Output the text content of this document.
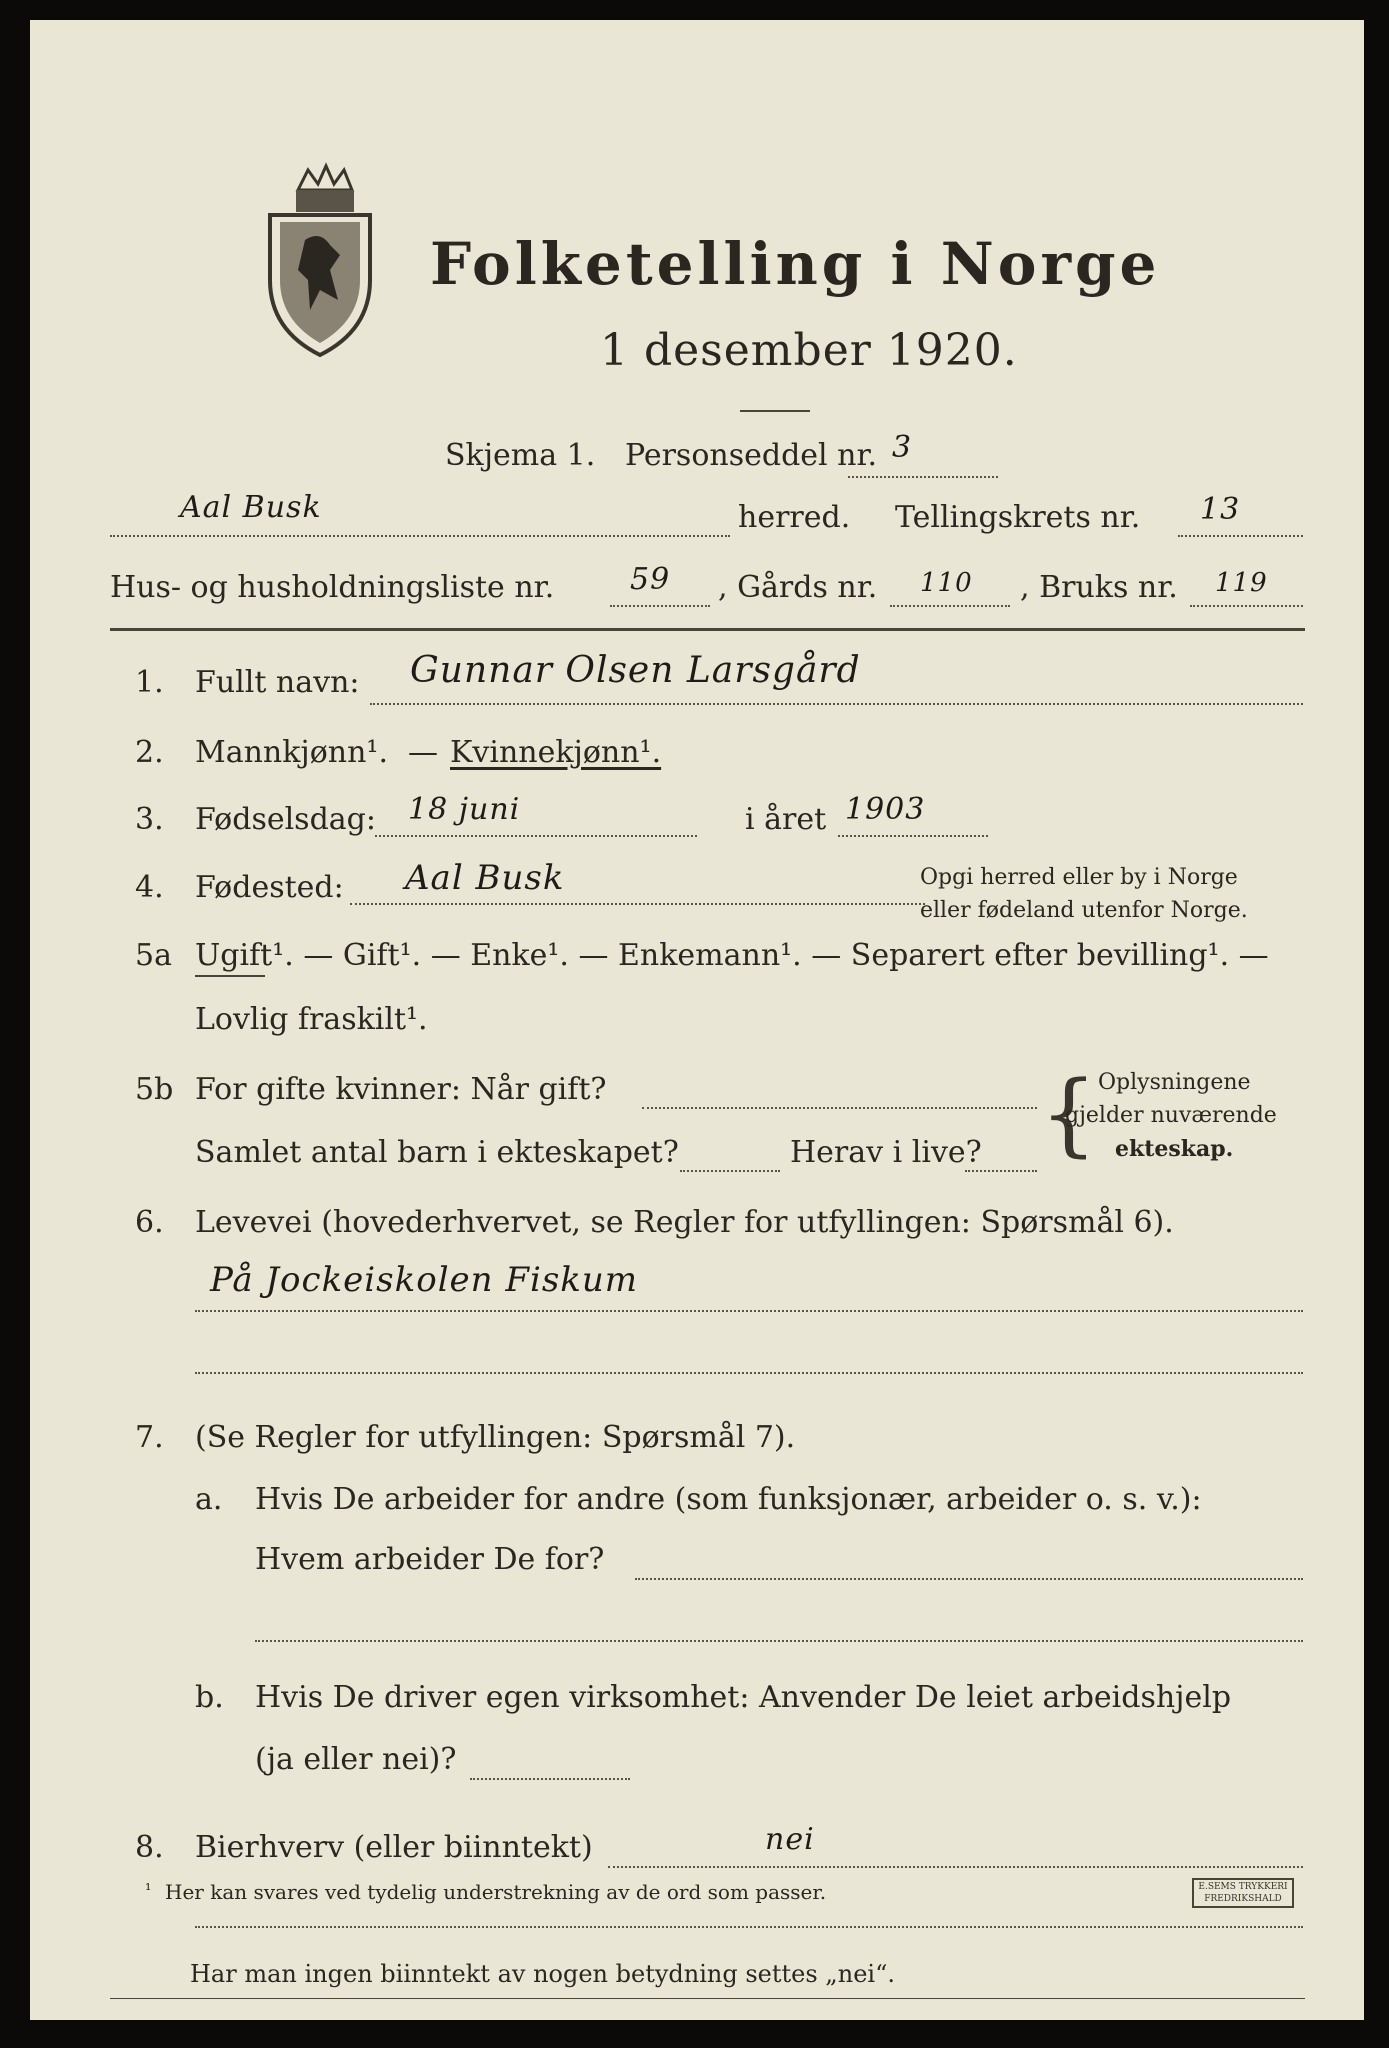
Folketelling i Norge
1 desember 1920.
Skjema 1. Personseddel nr. 3
Aal Busk	herred. Tellingskrets nr. 13
Hus- og husholdningsliste nr.	59 , Gårds nr. 110 , Bruks nr. 119
1. Fullt navn: Gunnar Olsen Larsgård
2. Mannkjønn¹. — Kvinnekjønn¹.
3. Fødselsdag: 18 juni	i året 1903
4. Fødested: Aal Busk	Opgi herred eller by i Norge
eller fødeland utenfor Norge.
5a Ugift¹. — Gift¹. — Enke¹. — Enkemann¹. — Separert efter bevilling¹. —
Lovlig fraskilt¹.
5b For gifte kvinner: Når gift?
Samlet antal barn i ekteskapet?	Herav i live? { Oplysningene
gjelder nuværende
ekteskap.
6. Levevei (hovederhvervet, se Regler for utfyllingen: Spørsmål 6).
På Jockeiskolen Fiskum
7. (Se Regler for utfyllingen: Spørsmål 7).
a. Hvis De arbeider for andre (som funksjonær, arbeider o. s. v.):
Hvem arbeider De for?
b. Hvis De driver egen virksomhet: Anvender De leiet arbeidshjelp
(ja eller nei)?
8. Bierhverv (eller biinntekt)	nei
Har man ingen biinntekt av nogen betydning settes „nei“.
¹ Her kan svares ved tydelig understrekning av de ord som passer.	E.SEMS TRYKKERI FREDRIKSHALD
